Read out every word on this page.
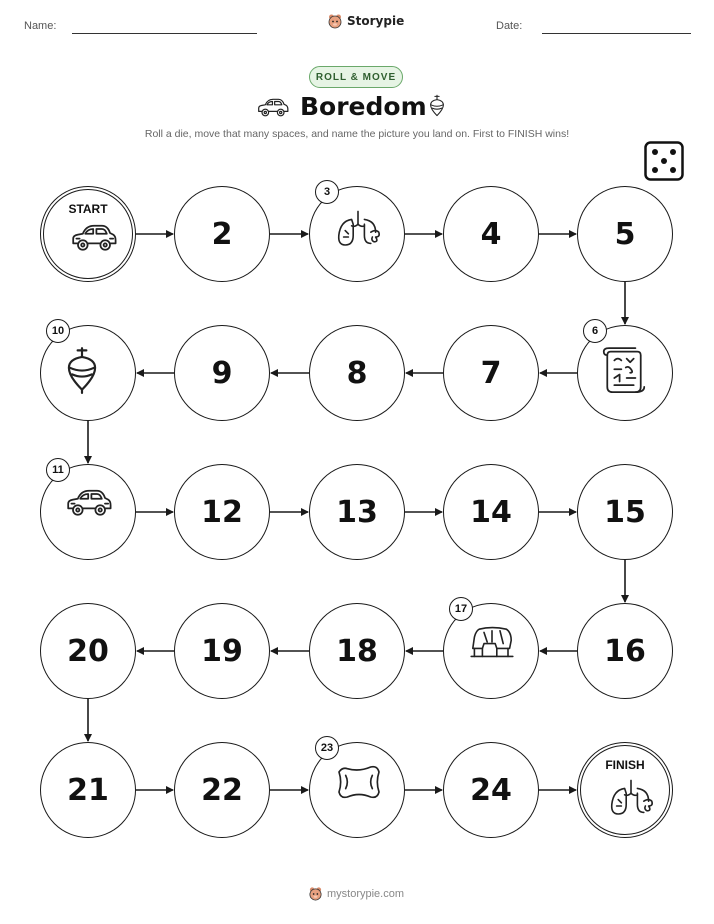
Name:	Storypie	Date:
ROLL & MOVE
Boredom
Roll a die, move that many spaces, and name the picture you land on. First to FINISH wins!
START
2
3
4	5
6
7
8
9
10
11
12	13	14	15
16
17
18
19
20
21	22
23
24
FINISH
mystorypie.com
